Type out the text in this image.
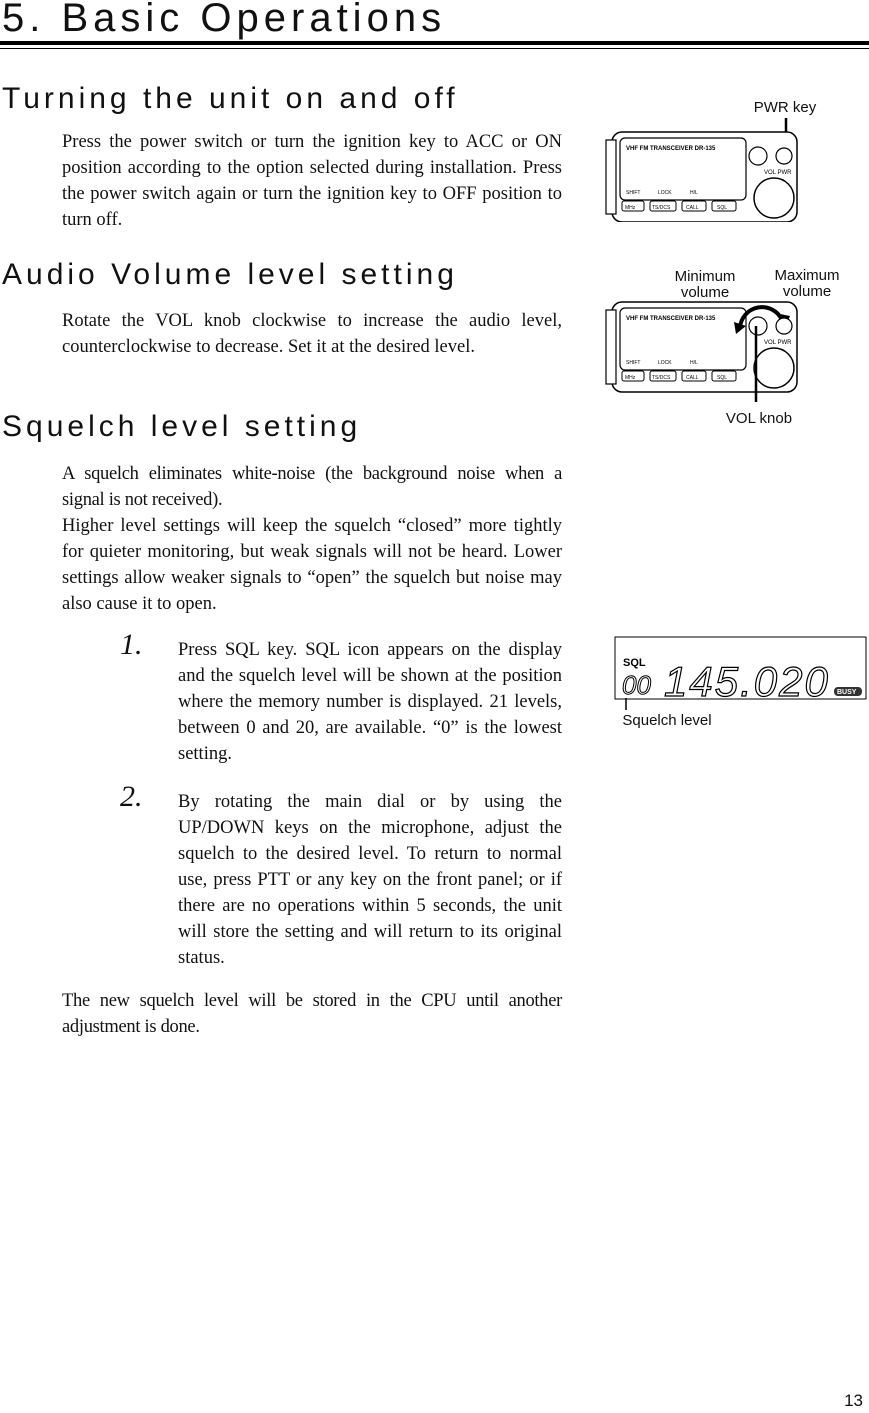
5. Basic Operations
Turning the unit on and off

Press the power switch or turn the ignition key to ACC or ON position according to the option selected during installation. Press the power switch again or turn the ignition key to OFF position to turn off.

Audio Volume level setting

Rotate the VOL knob clockwise to increase the audio level, counterclockwise to decrease. Set it at the desired level.

Squelch level setting

A squelch eliminates white-noise (the background noise when a signal is not received).

Higher level settings will keep the squelch “closed” more tightly for quieter monitoring, but weak signals will not be heard. Lower settings allow weaker signals to “open” the squelch but noise may also cause it to open.

1. Press SQL key. SQL icon appears on the display and the squelch level will be shown at the position where the memory number is displayed. 21 levels, between 0 and 20, are available. “0” is the lowest setting.

2. By rotating the main dial or by using the UP/DOWN keys on the microphone, adjust the squelch to the desired level. To return to normal use, press PTT or any key on the front panel; or if there are no operations within 5 seconds, the unit will store the setting and will return to its original status.

The new squelch level will be stored in the CPU until another adjustment is done.

PWR key
VHF FM TRANSCEIVER DR-135
VOL PWR
SHIFT	LOCK	H/L
MHz	TS/DCS	CALL	SQL
Minimum volume
Maximum volume
VHF FM TRANSCEIVER DR-135
VOL PWR
SHIFT	LOCK	H/L
MHz	TS/DCS	CALL	SQL
VOL knob
SQL
00 145.020 BUSY
Squelch level
13
